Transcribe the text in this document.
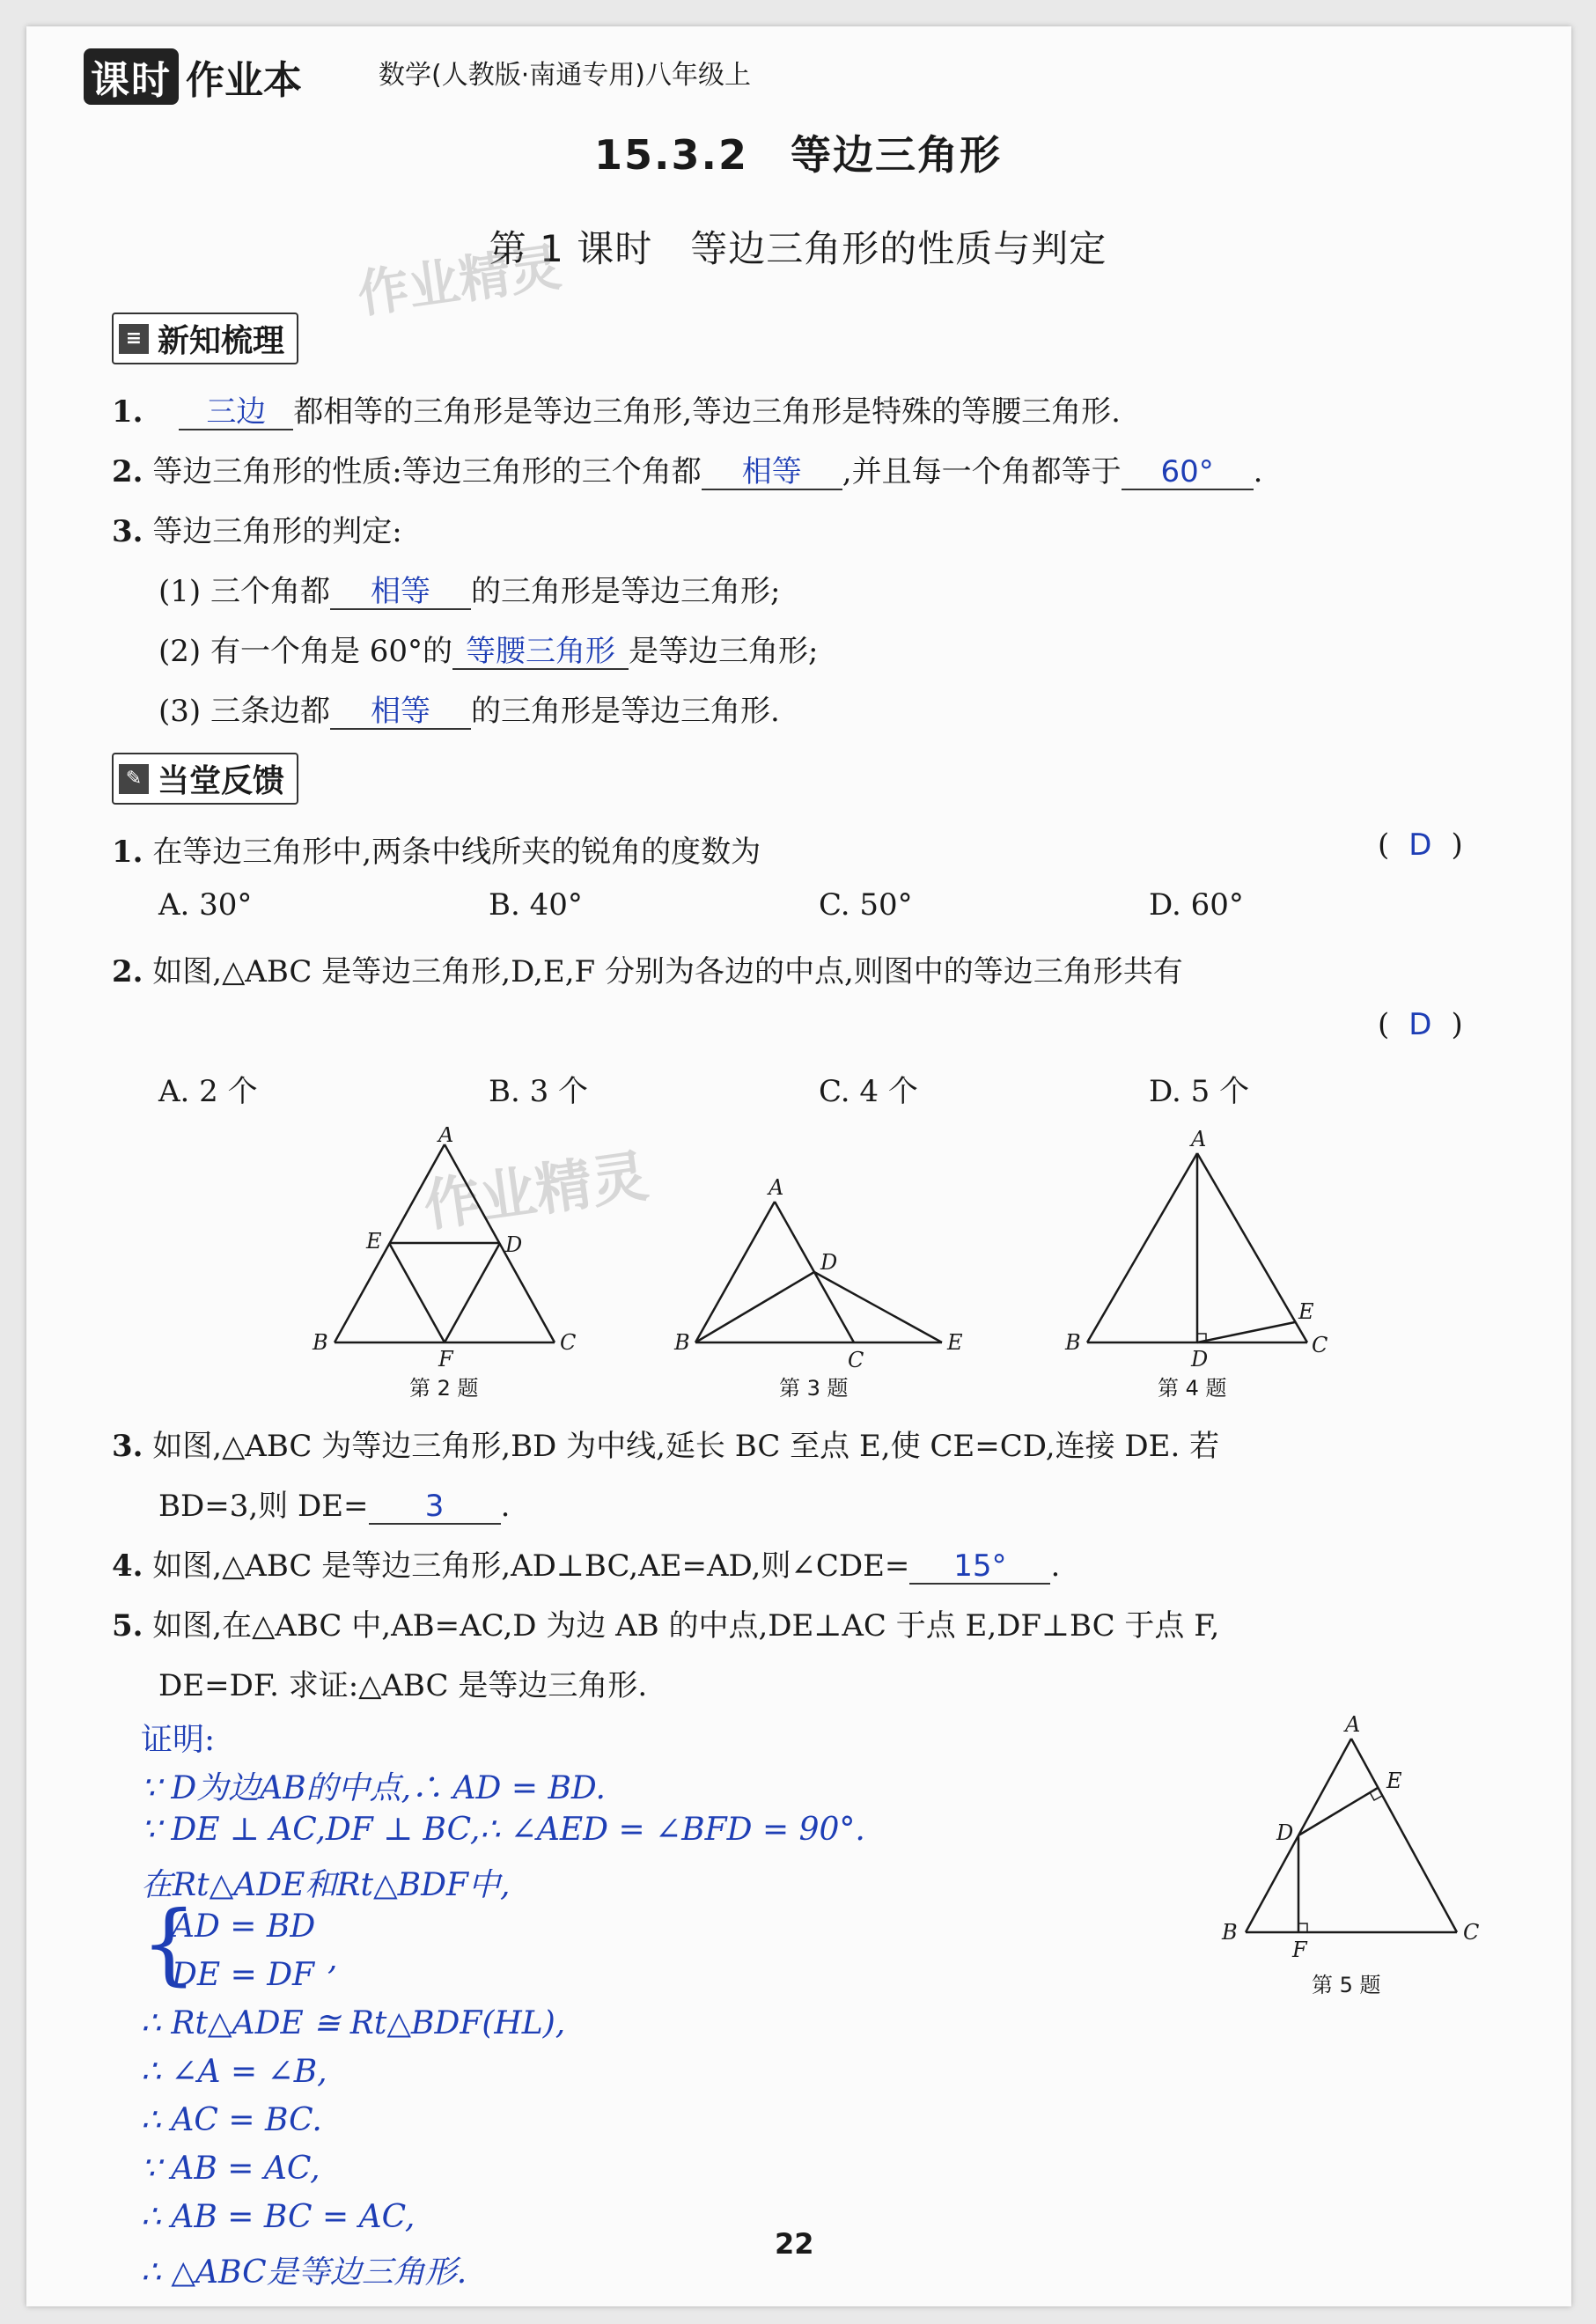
课时 作业本	数学(人教版·南通专用)八年级上
15.3.2　等边三角形
第 1 课时　等边三角形的性质与判定
作业精灵
≡ 新知梳理
1. 三边 都相等的三角形是等边三角形,等边三角形是特殊的等腰三角形.
2. 等边三角形的性质:等边三角形的三个角都 相等 ,并且每一个角都等于 60° .
3. 等边三角形的判定:
(1) 三个角都 相等 的三角形是等边三角形;
(2) 有一个角是 60°的 等腰三角形 是等边三角形;
(3) 三条边都 相等 的三角形是等边三角形.
✎ 当堂反馈
1. 在等边三角形中,两条中线所夹的锐角的度数为	( D )
A. 30°	B. 40°	C. 50°	D. 60°
2. 如图,△ABC 是等边三角形,D,E,F 分别为各边的中点,则图中的等边三角形共有
( D )
A. 2 个	B. 3 个	C. 4 个	D. 5 个
作业精灵
A
B	C
D
E
F
第 2 题
A
B
C
D
E
第 3 题
A
B	C
D
E
第 4 题
3. 如图,△ABC 为等边三角形,BD 为中线,延长 BC 至点 E,使 CE=CD,连接 DE. 若
BD=3,则 DE= 3 .
4. 如图,△ABC 是等边三角形,AD⊥BC,AE=AD,则∠CDE= 15° .
5. 如图,在△ABC 中,AB=AC,D 为边 AB 的中点,DE⊥AC 于点 E,DF⊥BC 于点 F,
DE=DF. 求证:△ABC 是等边三角形.
证明:
∵ D为边AB的中点,∴ AD = BD.
∵ DE ⊥ AC,DF ⊥ BC,∴ ∠AED = ∠BFD = 90°.
在Rt△ADE和Rt△BDF中,
{
AD = BD
DE = DF ,
∴ Rt△ADE ≅ Rt△BDF(HL),
∴ ∠A = ∠B,
∴ AC = BC.
∵ AB = AC,
∴ AB = BC = AC,
∴ △ABC是等边三角形.
A
B	C
D
E
F
第 5 题
22
